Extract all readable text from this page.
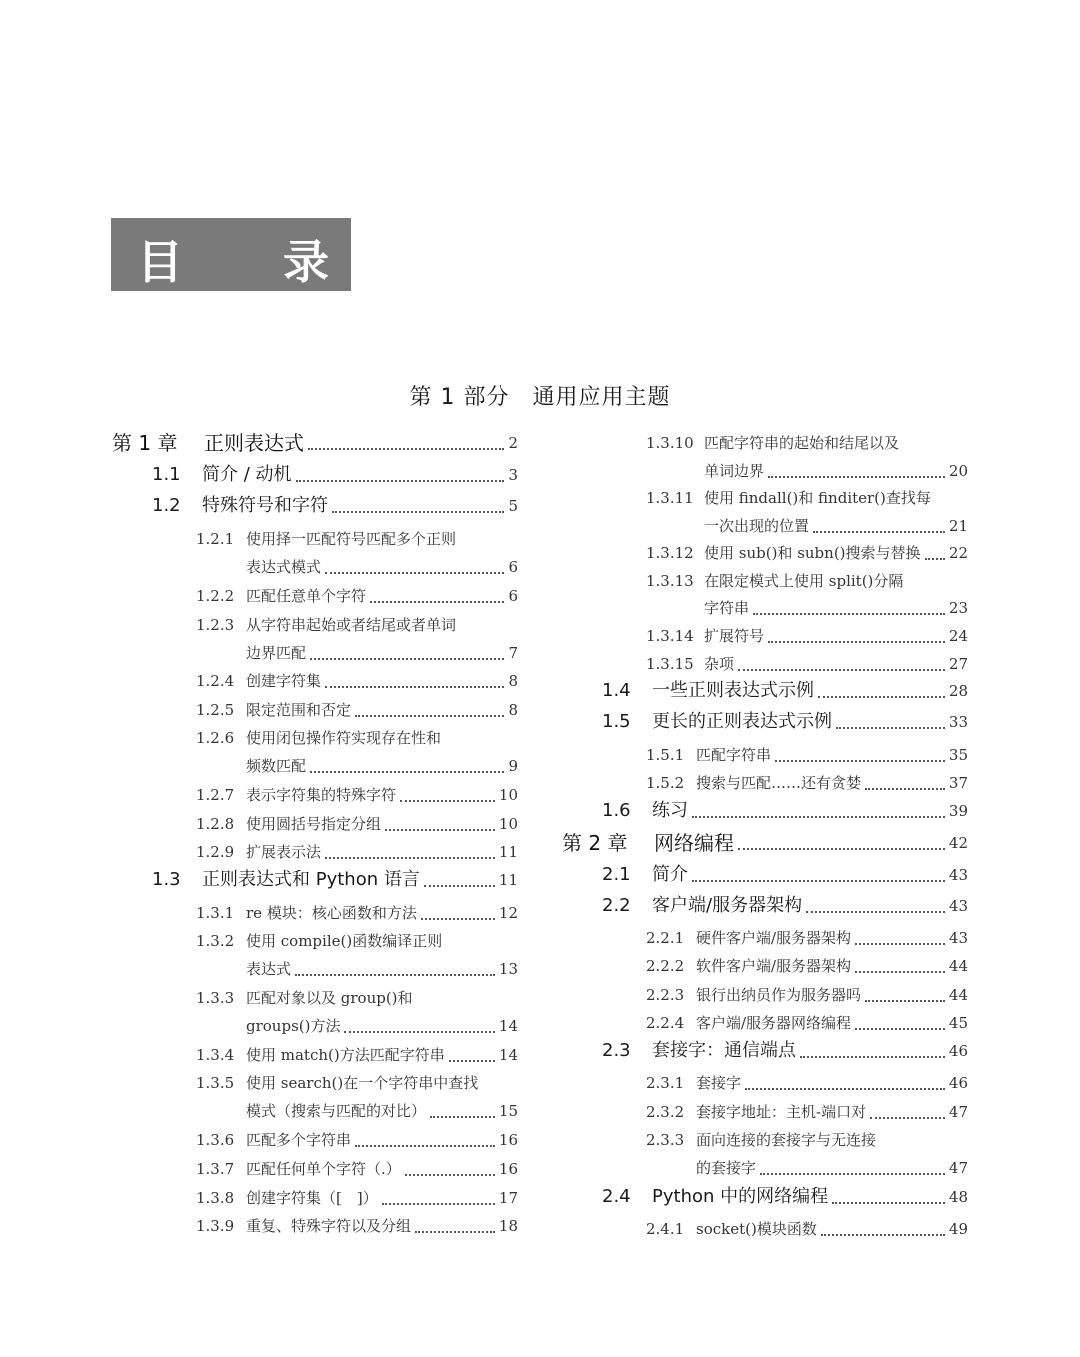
目 录
第 1 部分　通用应用主题
第 1 章 正则表达式	2
1.1 简介 / 动机	3
1.2 特殊符号和字符	5
1.2.1 使用择一匹配符号匹配多个正则
表达式模式	6
1.2.2 匹配任意单个字符	6
1.2.3 从字符串起始或者结尾或者单词
边界匹配	7
1.2.4 创建字符集	8
1.2.5 限定范围和否定	8
1.2.6 使用闭包操作符实现存在性和
频数匹配	9
1.2.7 表示字符集的特殊字符	10
1.2.8 使用圆括号指定分组	10
1.2.9 扩展表示法	11
1.3 正则表达式和 Python 语言	11
1.3.1 re 模块：核心函数和方法	12
1.3.2 使用 compile()函数编译正则
表达式	13
1.3.3 匹配对象以及 group()和
groups()方法	14
1.3.4 使用 match()方法匹配字符串	14
1.3.5 使用 search()在一个字符串中查找
模式（搜索与匹配的对比）	15
1.3.6 匹配多个字符串	16
1.3.7 匹配任何单个字符（.）	16
1.3.8 创建字符集（[　]）	17
1.3.9 重复、特殊字符以及分组	18
1.3.10 匹配字符串的起始和结尾以及
单词边界	20
1.3.11 使用 findall()和 finditer()查找每
一次出现的位置	21
1.3.12 使用 sub()和 subn()搜索与替换 22
1.3.13 在限定模式上使用 split()分隔
字符串	23
1.3.14 扩展符号	24
1.3.15 杂项	27
1.4 一些正则表达式示例	28
1.5 更长的正则表达式示例	33
1.5.1 匹配字符串	35
1.5.2 搜索与匹配……还有贪婪	37
1.6 练习	39
第 2 章 网络编程	42
2.1 简介	43
2.2 客户端/服务器架构	43
2.2.1 硬件客户端/服务器架构	43
2.2.2 软件客户端/服务器架构	44
2.2.3 银行出纳员作为服务器吗	44
2.2.4 客户端/服务器网络编程	45
2.3 套接字：通信端点	46
2.3.1 套接字	46
2.3.2 套接字地址：主机-端口对	47
2.3.3 面向连接的套接字与无连接
的套接字	47
2.4 Python 中的网络编程	48
2.4.1 socket()模块函数	49
